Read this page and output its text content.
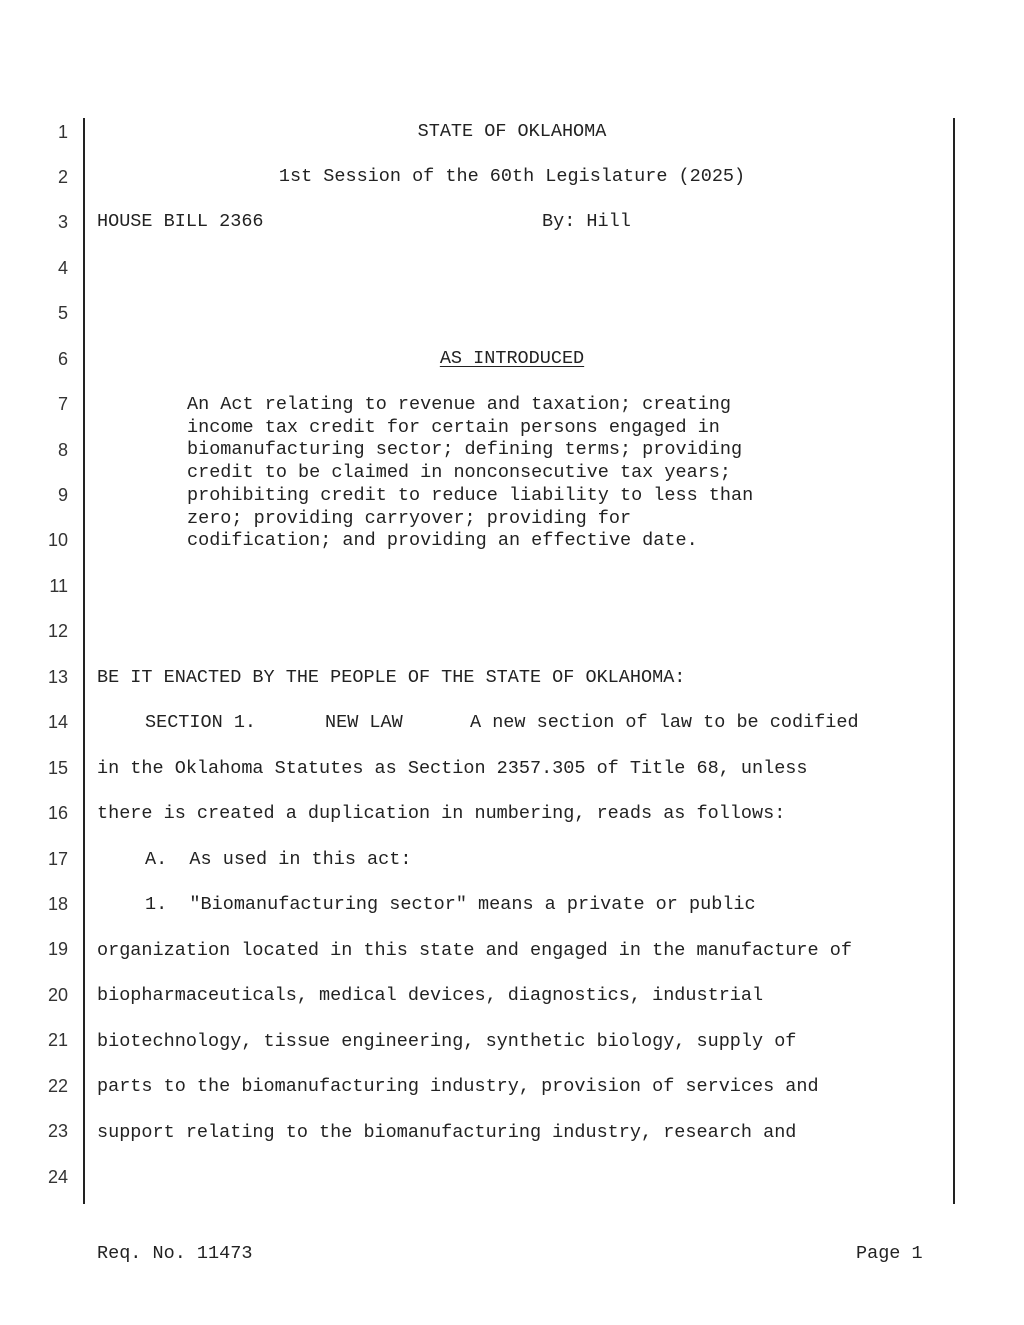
1
2
3
4
5
6
7
8
9
10
11
12
13
14
15
16
17
18
19
20
21
22
23
24
STATE OF OKLAHOMA
1st Session of the 60th Legislature (2025)
HOUSE BILL 2366	By: Hill
AS INTRODUCED
An Act relating to revenue and taxation; creating
income tax credit for certain persons engaged in
biomanufacturing sector; defining terms; providing
credit to be claimed in nonconsecutive tax years;
prohibiting credit to reduce liability to less than
zero; providing carryover; providing for
codification; and providing an effective date.
BE IT ENACTED BY THE PEOPLE OF THE STATE OF OKLAHOMA:
SECTION 1.	NEW LAW	A new section of law to be codified
in the Oklahoma Statutes as Section 2357.305 of Title 68, unless
there is created a duplication in numbering, reads as follows:
A.  As used in this act:
1.  "Biomanufacturing sector" means a private or public
organization located in this state and engaged in the manufacture of
biopharmaceuticals, medical devices, diagnostics, industrial
biotechnology, tissue engineering, synthetic biology, supply of
parts to the biomanufacturing industry, provision of services and
support relating to the biomanufacturing industry, research and
Req. No. 11473	Page 1
